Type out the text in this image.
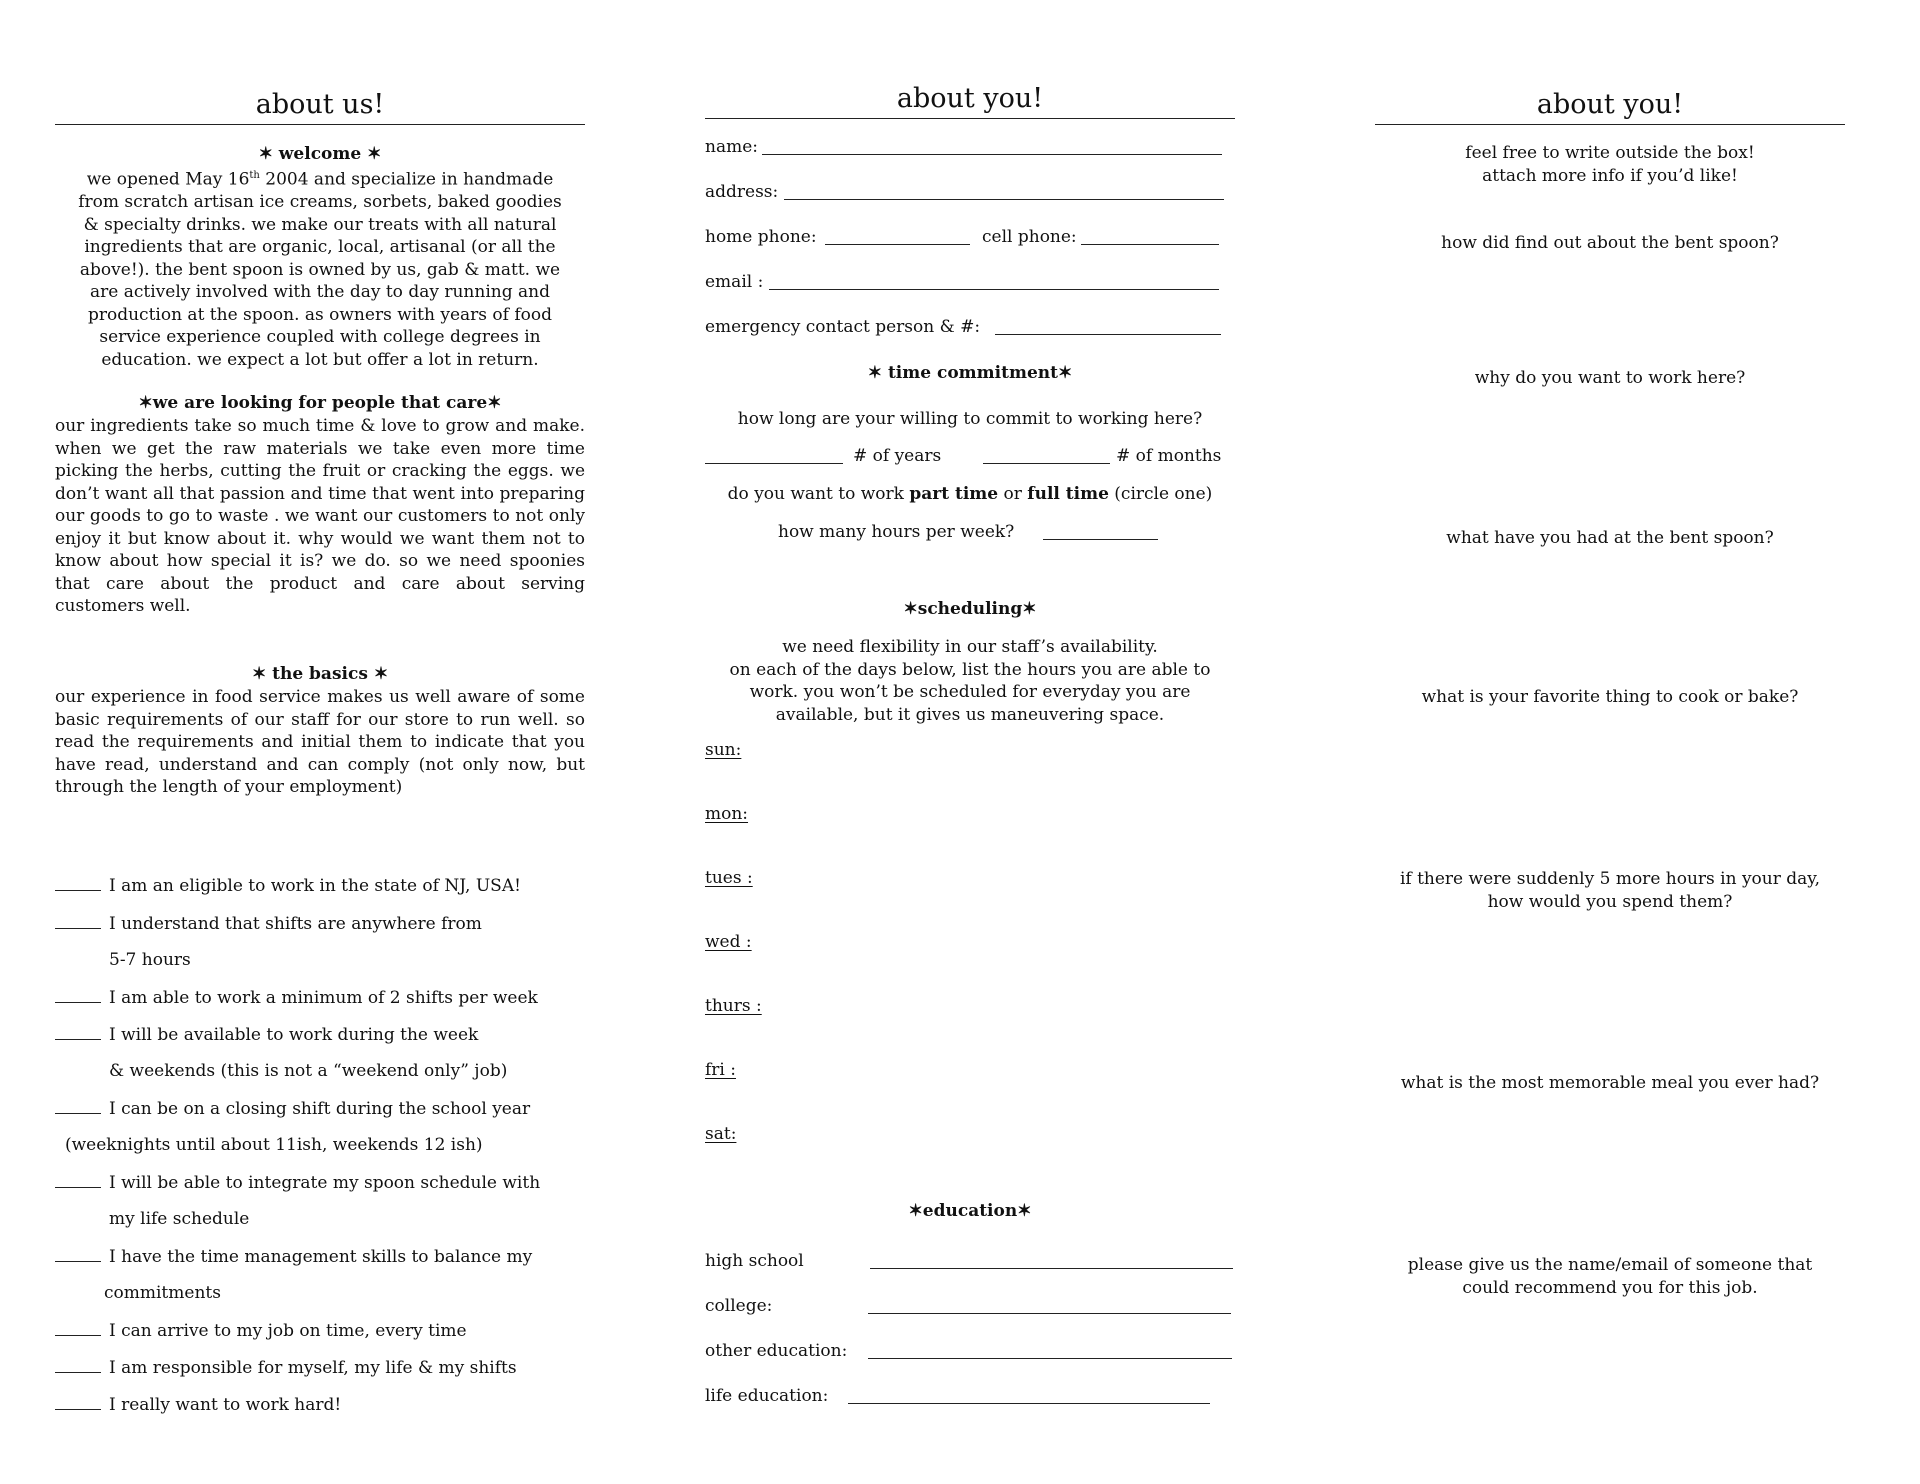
about us!
✶ welcome ✶
we opened May 16th 2004 and specialize in handmade
from scratch artisan ice creams, sorbets, baked goodies
& specialty drinks. we make our treats with all natural
ingredients that are organic, local, artisanal (or all the
above!). the bent spoon is owned by us, gab & matt. we
are actively involved with the day to day running and
production at the spoon. as owners with years of food
service experience coupled with college degrees in
education. we expect a lot but offer a lot in return.
✶we are looking for people that care✶
our ingredients take so much time & love to grow and make. when we get the raw materials we take even more time picking the herbs, cutting the fruit or cracking the eggs. we don’t want all that passion and time that went into preparing our goods to go to waste . we want our customers to not only enjoy it but know about it. why would we want them not to know about how special it is? we do. so we need spoonies that care about the product and care about serving customers well.
✶ the basics ✶
our experience in food service makes us well aware of some basic requirements of our staff for our store to run well. so read the requirements and initial them to indicate that you have read, understand and can comply (not only now, but through the length of your employment)
I am an eligible to work in the state of NJ, USA!
I understand that shifts are anywhere from
5-7 hours
I am able to work a minimum of 2 shifts per week
I will be available to work during the week
& weekends (this is not a “weekend only” job)
I can be on a closing shift during the school year
(weeknights until about 11ish, weekends 12 ish)
I will be able to integrate my spoon schedule with
my life schedule
I have the time management skills to balance my
commitments
I can arrive to my job on time, every time
I am responsible for myself, my life & my shifts
I really want to work hard!
about you!
name:
address:
home phone:	cell phone:
email :
emergency contact person & #:
✶ time commitment✶
how long are your willing to commit to working here?
# of years	# of months
do you want to work part time or full time (circle one)
how many hours per week?
✶scheduling✶
we need flexibility in our staff’s availability.
on each of the days below, list the hours you are able to
work. you won’t be scheduled for everyday you are
available, but it gives us maneuvering space.
sun:
mon:
tues :
wed :
thurs :
fri :
sat:
✶education✶
high school
college:
other education:
life education:
about you!
feel free to write outside the box!
attach more info if you’d like!
how did find out about the bent spoon?
why do you want to work here?
what have you had at the bent spoon?
what is your favorite thing to cook or bake?
if there were suddenly 5 more hours in your day,
how would you spend them?
what is the most memorable meal you ever had?
please give us the name/email of someone that
could recommend you for this job.
